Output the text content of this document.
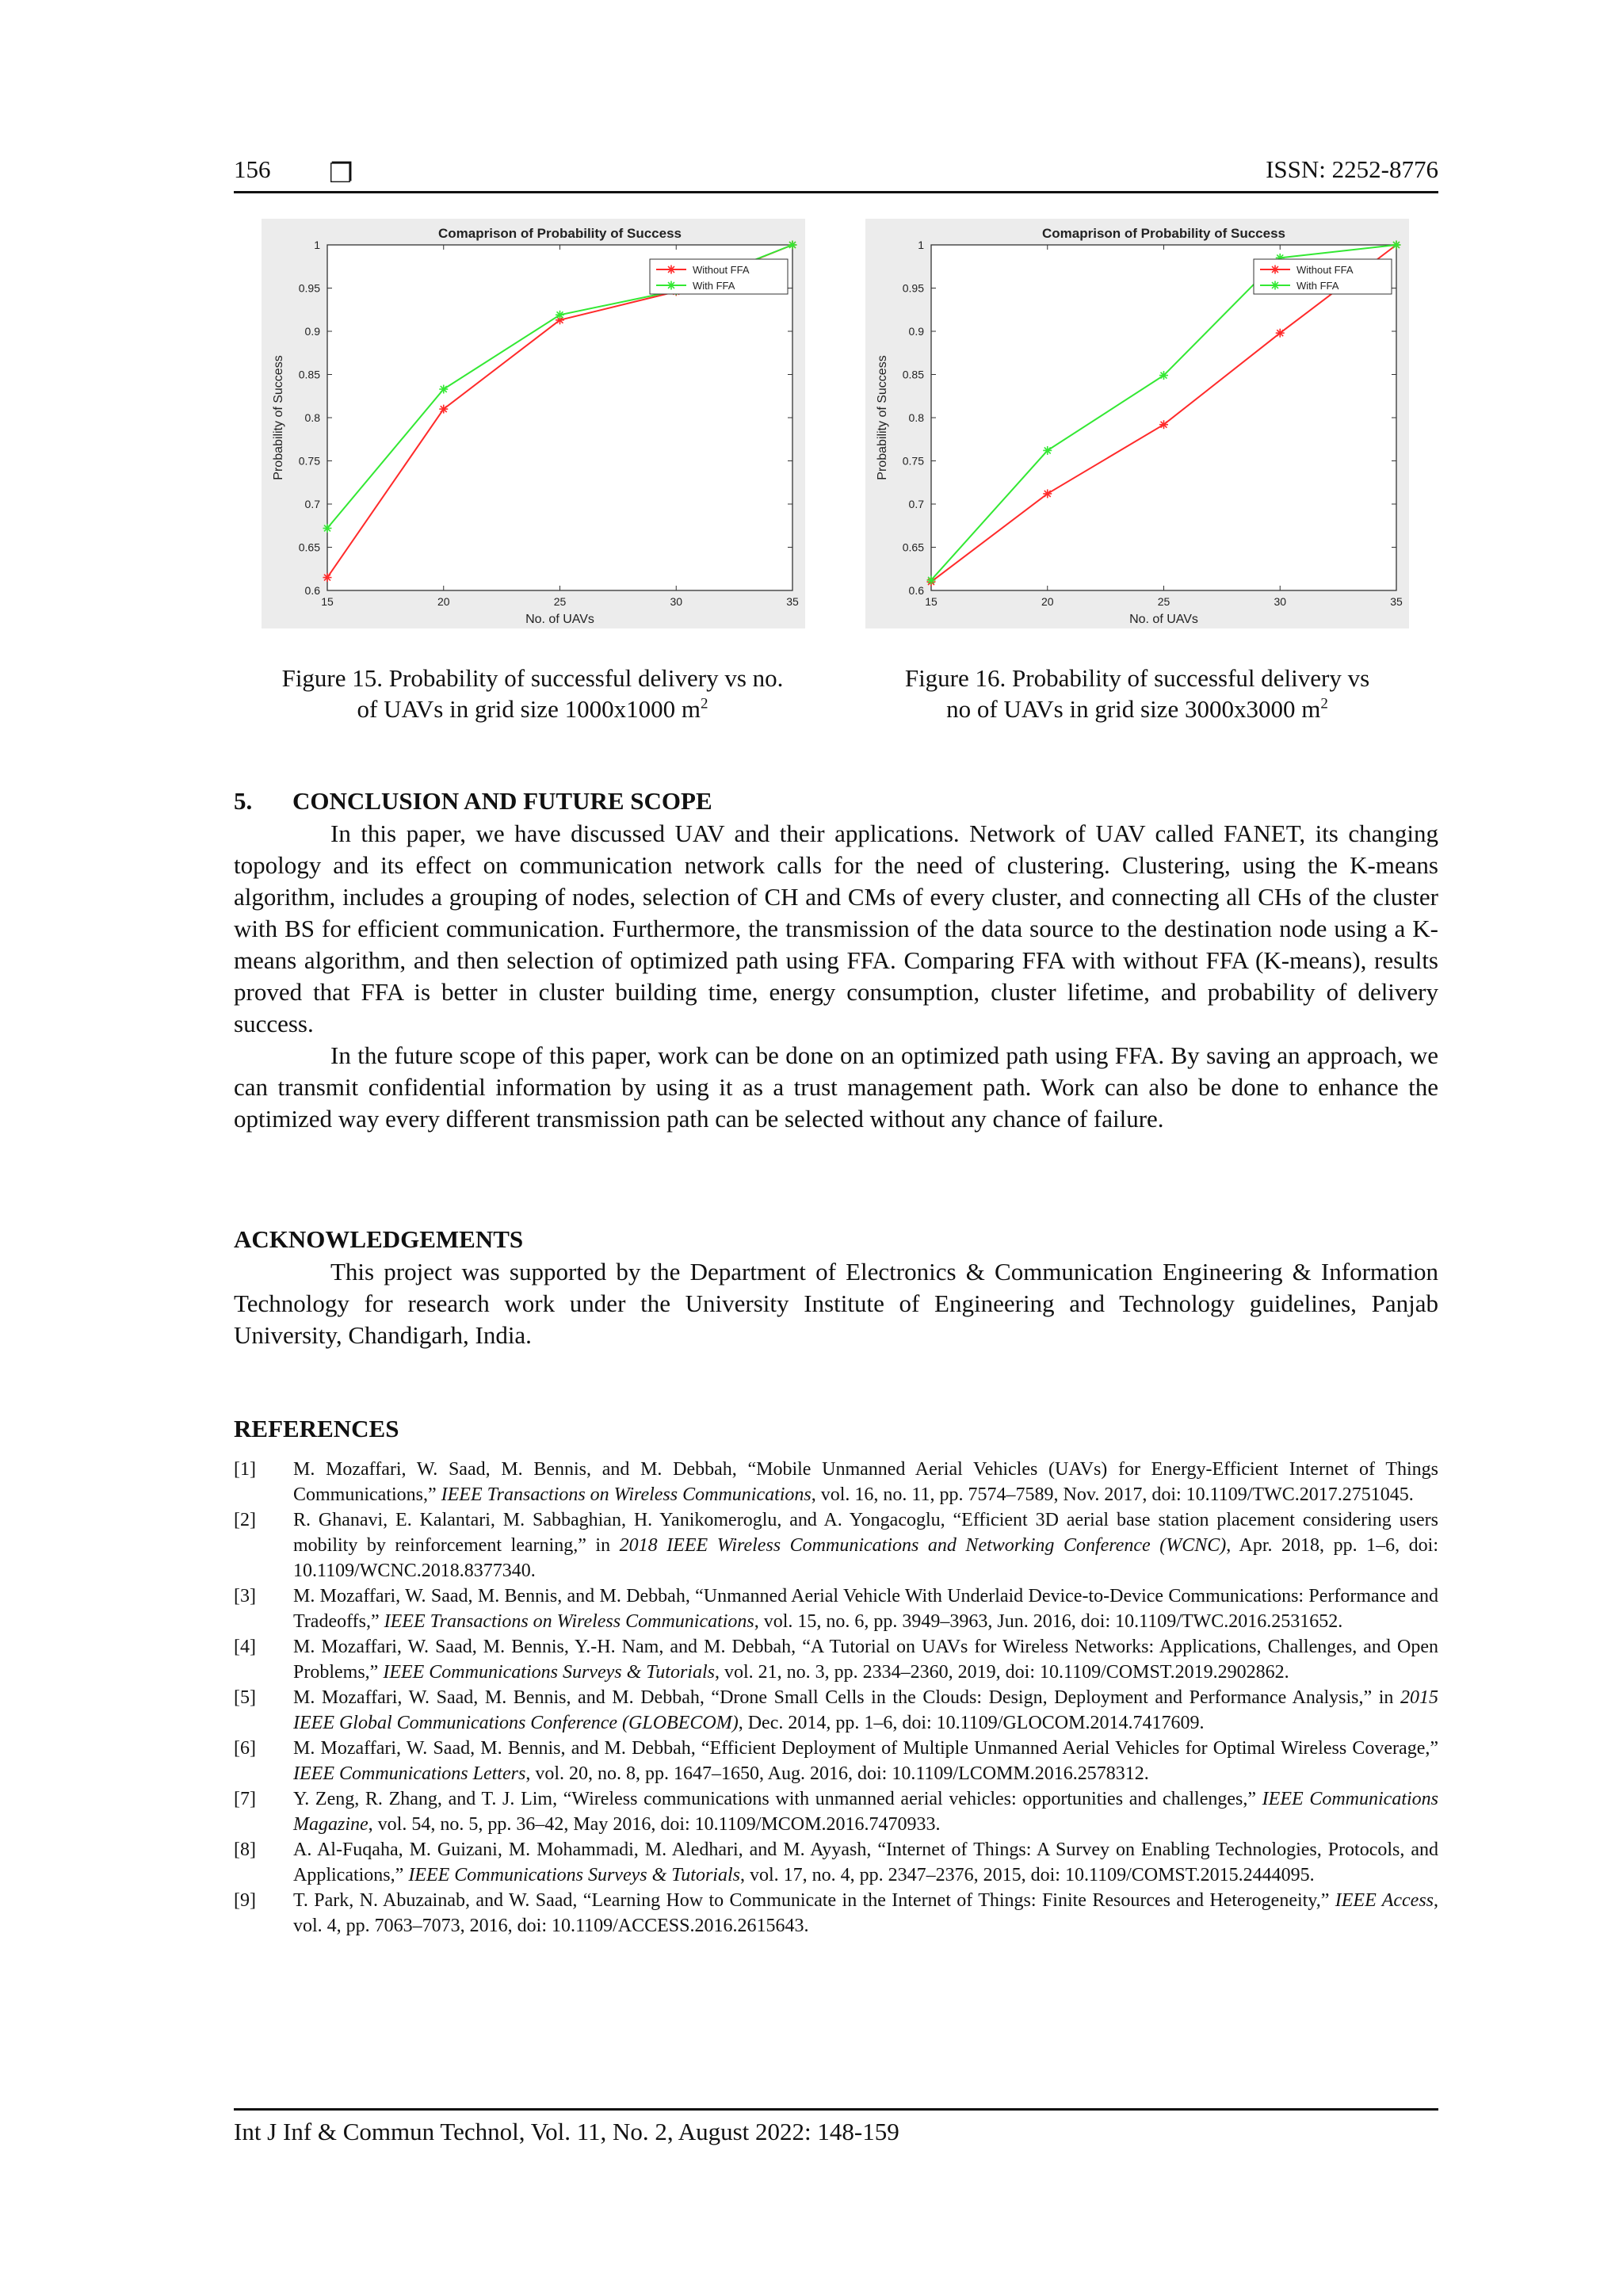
156 ❐	ISSN: 2252-8776
Comaprison of Probability of Success
0.6
0.65
0.7
0.75
0.8
0.85
0.9
0.95
1
15	20	25	30	35
No. of UAVs
Probability of Success
Without FFA
With FFA
Comaprison of Probability of Success
0.6
0.65
0.7
0.75
0.8
0.85
0.9
0.95
1
15	20	25	30	35
No. of UAVs
Probability of Success
Without FFA
With FFA
Figure 15. Probability of successful delivery vs no.
of UAVs in grid size 1000x1000 $m^2$
Figure 16. Probability of successful delivery vs
no of UAVs in grid size 3000x3000 $m^2$
5. CONCLUSION AND FUTURE SCOPE
In this paper, we have discussed UAV and their applications. Network of UAV called FANET, its changing topology and its effect on communication network calls for the need of clustering. Clustering, using the K-means algorithm, includes a grouping of nodes, selection of CH and CMs of every cluster, and connecting all CHs of the cluster with BS for efficient communication. Furthermore, the transmission of the data source to the destination node using a K-means algorithm, and then selection of optimized path using FFA. Comparing FFA with without FFA (K-means), results proved that FFA is better in cluster building time, energy consumption, cluster lifetime, and probability of delivery success.
In the future scope of this paper, work can be done on an optimized path using FFA. By saving an approach, we can transmit confidential information by using it as a trust management path. Work can also be done to enhance the optimized way every different transmission path can be selected without any chance of failure.
ACKNOWLEDGEMENTS
This project was supported by the Department of Electronics & Communication Engineering & Information Technology for research work under the University Institute of Engineering and Technology guidelines, Panjab University, Chandigarh, India.
REFERENCES
[1]	M. Mozaffari, W. Saad, M. Bennis, and M. Debbah, “Mobile Unmanned Aerial Vehicles (UAVs) for Energy-Efficient Internet of Things Communications,” IEEE Transactions on Wireless Communications, vol. 16, no. 11, pp. 7574–7589, Nov. 2017, doi: 10.1109/TWC.2017.2751045.
[2]	R. Ghanavi, E. Kalantari, M. Sabbaghian, H. Yanikomeroglu, and A. Yongacoglu, “Efficient 3D aerial base station placement considering users mobility by reinforcement learning,” in 2018 IEEE Wireless Communications and Networking Conference (WCNC), Apr. 2018, pp. 1–6, doi: 10.1109/WCNC.2018.8377340.
[3]	M. Mozaffari, W. Saad, M. Bennis, and M. Debbah, “Unmanned Aerial Vehicle With Underlaid Device-to-Device Communications: Performance and Tradeoffs,” IEEE Transactions on Wireless Communications, vol. 15, no. 6, pp. 3949–3963, Jun. 2016, doi: 10.1109/TWC.2016.2531652.
[4]	M. Mozaffari, W. Saad, M. Bennis, Y.-H. Nam, and M. Debbah, “A Tutorial on UAVs for Wireless Networks: Applications, Challenges, and Open Problems,” IEEE Communications Surveys & Tutorials, vol. 21, no. 3, pp. 2334–2360, 2019, doi: 10.1109/COMST.2019.2902862.
[5]	M. Mozaffari, W. Saad, M. Bennis, and M. Debbah, “Drone Small Cells in the Clouds: Design, Deployment and Performance Analysis,” in 2015 IEEE Global Communications Conference (GLOBECOM), Dec. 2014, pp. 1–6, doi: 10.1109/GLOCOM.2014.7417609.
[6]	M. Mozaffari, W. Saad, M. Bennis, and M. Debbah, “Efficient Deployment of Multiple Unmanned Aerial Vehicles for Optimal Wireless Coverage,” IEEE Communications Letters, vol. 20, no. 8, pp. 1647–1650, Aug. 2016, doi: 10.1109/LCOMM.2016.2578312.
[7]	Y. Zeng, R. Zhang, and T. J. Lim, “Wireless communications with unmanned aerial vehicles: opportunities and challenges,” IEEE Communications Magazine, vol. 54, no. 5, pp. 36–42, May 2016, doi: 10.1109/MCOM.2016.7470933.
[8]	A. Al-Fuqaha, M. Guizani, M. Mohammadi, M. Aledhari, and M. Ayyash, “Internet of Things: A Survey on Enabling Technologies, Protocols, and Applications,” IEEE Communications Surveys & Tutorials, vol. 17, no. 4, pp. 2347–2376, 2015, doi: 10.1109/COMST.2015.2444095.
[9]	T. Park, N. Abuzainab, and W. Saad, “Learning How to Communicate in the Internet of Things: Finite Resources and Heterogeneity,” IEEE Access, vol. 4, pp. 7063–7073, 2016, doi: 10.1109/ACCESS.2016.2615643.
Int J Inf & Commun Technol, Vol. 11, No. 2, August 2022: 148-159
